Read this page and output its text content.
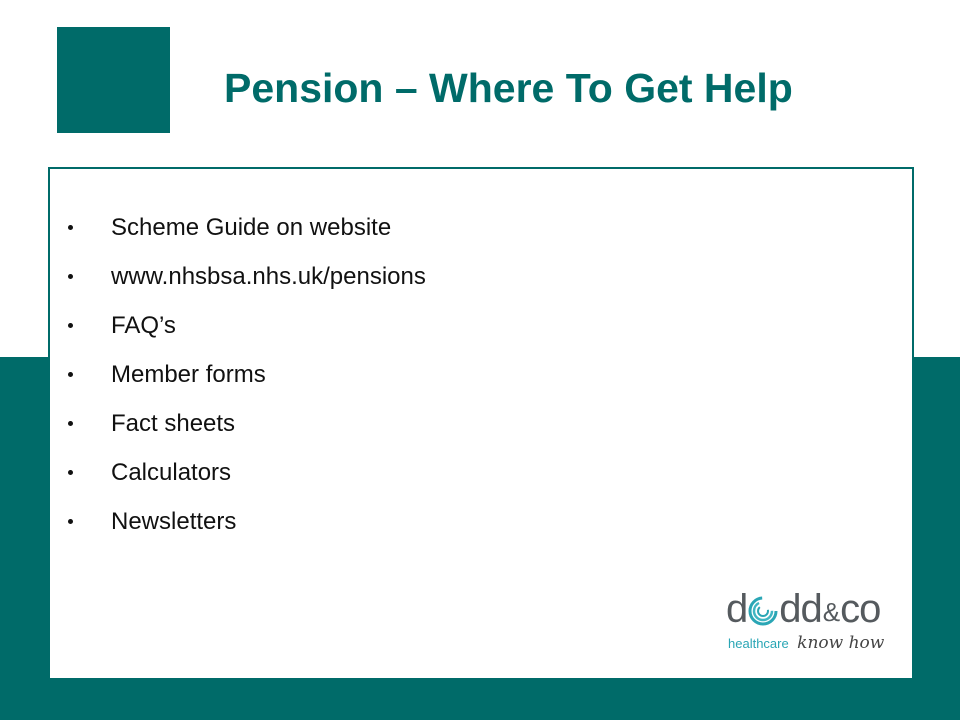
Pension – Where To Get Help
Scheme Guide on website
www.nhsbsa.nhs.uk/pensions
FAQ’s
Member forms
Fact sheets
Calculators
Newsletters
d dd & co
healthcare know how
